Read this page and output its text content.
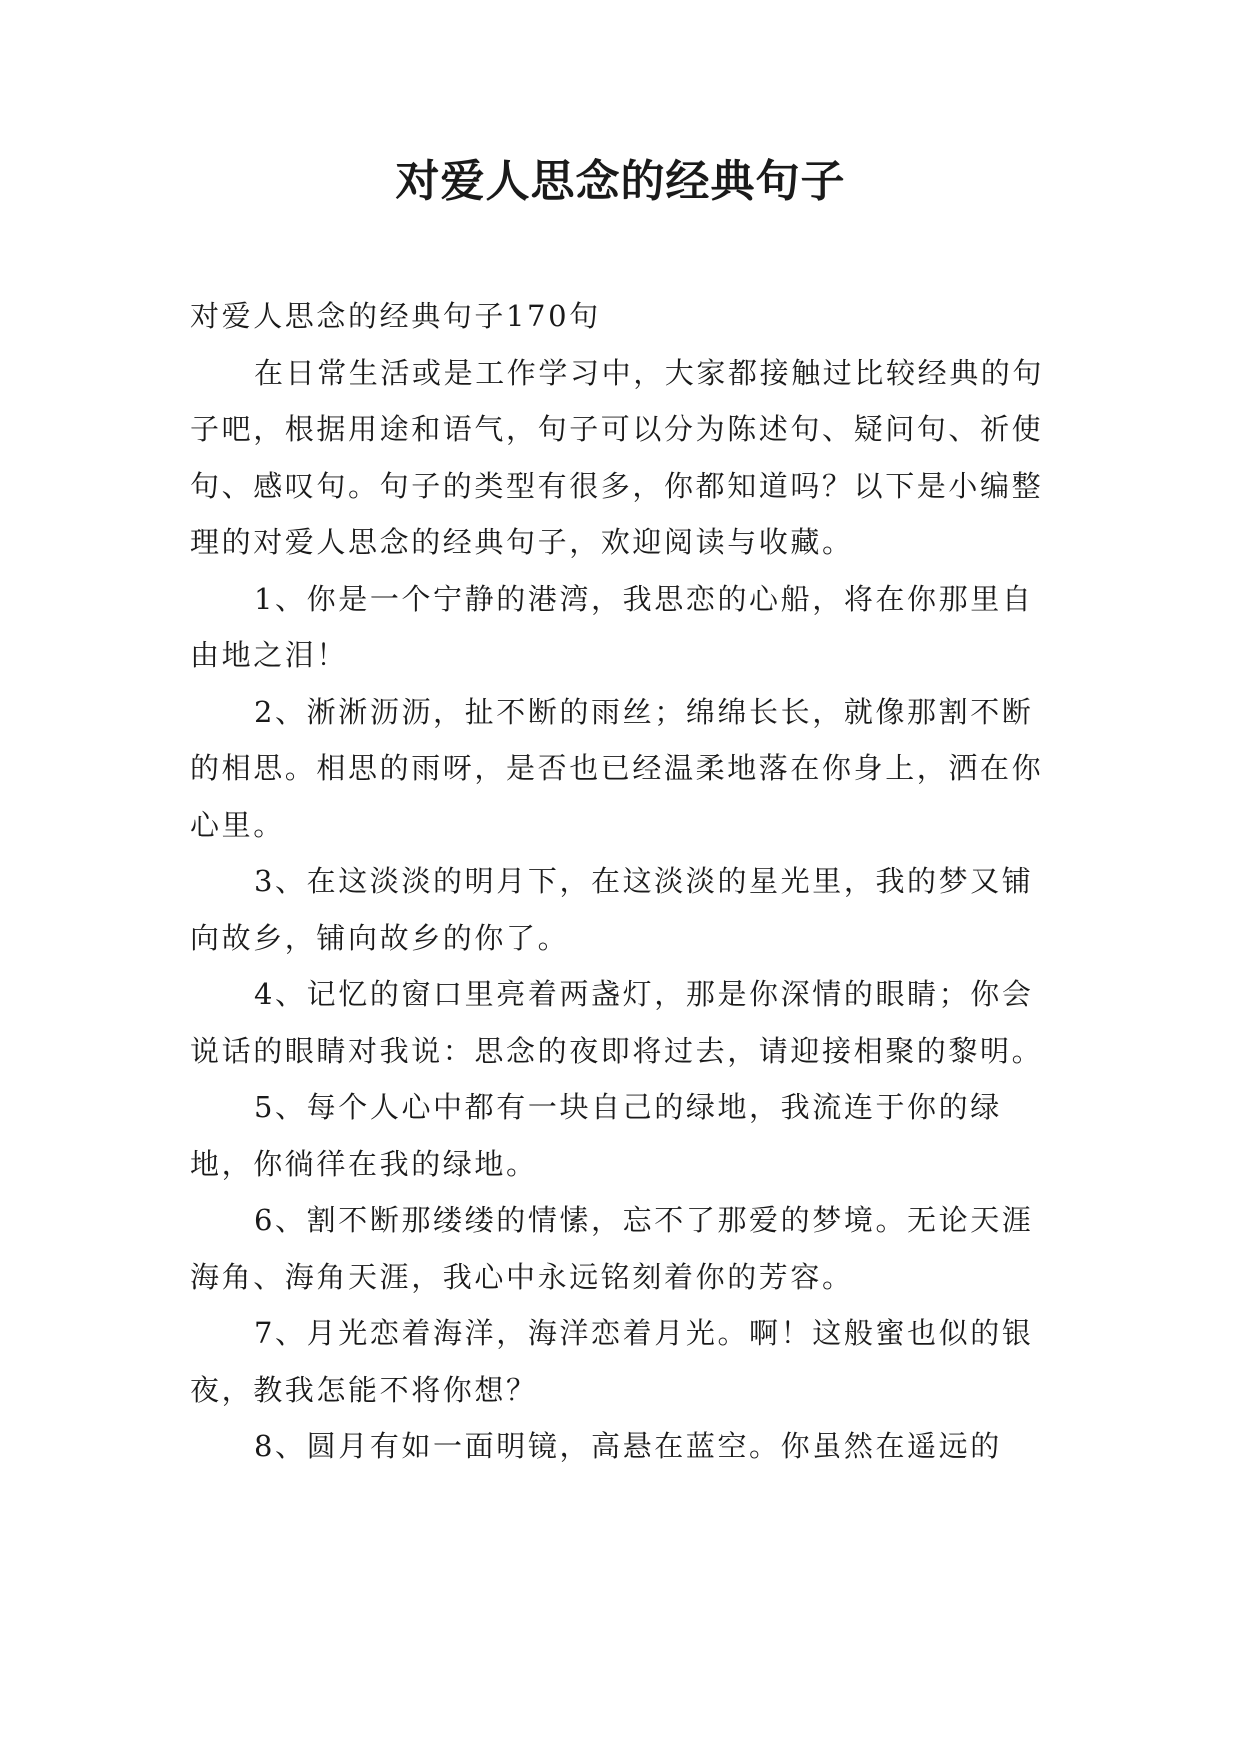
对爱人思念的经典句子

对爱人思念的经典句子170句

在日常生活或是工作学习中，大家都接触过比较经典的句子吧，根据用途和语气，句子可以分为陈述句、疑问句、祈使句、感叹句。句子的类型有很多，你都知道吗？以下是小编整理的对爱人思念的经典句子，欢迎阅读与收藏。

1、你是一个宁静的港湾，我思恋的心船，将在你那里自由地之泪！

2、淅淅沥沥，扯不断的雨丝；绵绵长长，就像那割不断的相思。相思的雨呀，是否也已经温柔地落在你身上，洒在你心里。

3、在这淡淡的明月下，在这淡淡的星光里，我的梦又铺向故乡，铺向故乡的你了。

4、记忆的窗口里亮着两盏灯，那是你深情的眼睛；你会说话的眼睛对我说：思念的夜即将过去，请迎接相聚的黎明。

5、每个人心中都有一块自己的绿地，我流连于你的绿地，你徜徉在我的绿地。

6、割不断那缕缕的情愫，忘不了那爱的梦境。无论天涯海角、海角天涯，我心中永远铭刻着你的芳容。

7、月光恋着海洋，海洋恋着月光。啊！这般蜜也似的银夜，教我怎能不将你想？

8、圆月有如一面明镜，高悬在蓝空。你虽然在遥远的
